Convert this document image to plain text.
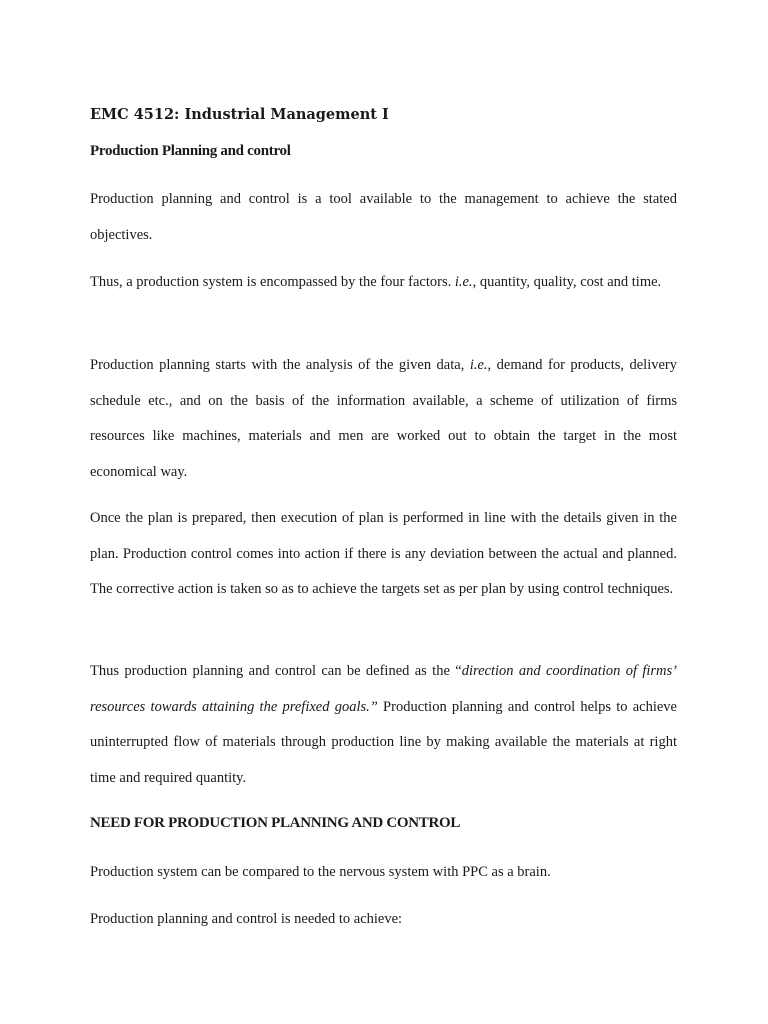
EMC 4512: Industrial Management I
Production Planning and control

Production planning and control is a tool available to the management to achieve the stated objectives.

Thus, a production system is encompassed by the four factors. i.e., quantity, quality, cost and time.

Production planning starts with the analysis of the given data, i.e., demand for products, delivery schedule etc., and on the basis of the information available, a scheme of utilization of firms resources like machines, materials and men are worked out to obtain the target in the most economical way.

Once the plan is prepared, then execution of plan is performed in line with the details given in the plan. Production control comes into action if there is any deviation between the actual and planned. The corrective action is taken so as to achieve the targets set as per plan by using control techniques.

Thus production planning and control can be defined as the “direction and coordination of firms’ resources towards attaining the prefixed goals.” Production planning and control helps to achieve uninterrupted flow of materials through production line by making available the materials at right time and required quantity.

NEED FOR PRODUCTION PLANNING AND CONTROL

Production system can be compared to the nervous system with PPC as a brain.

Production planning and control is needed to achieve:
